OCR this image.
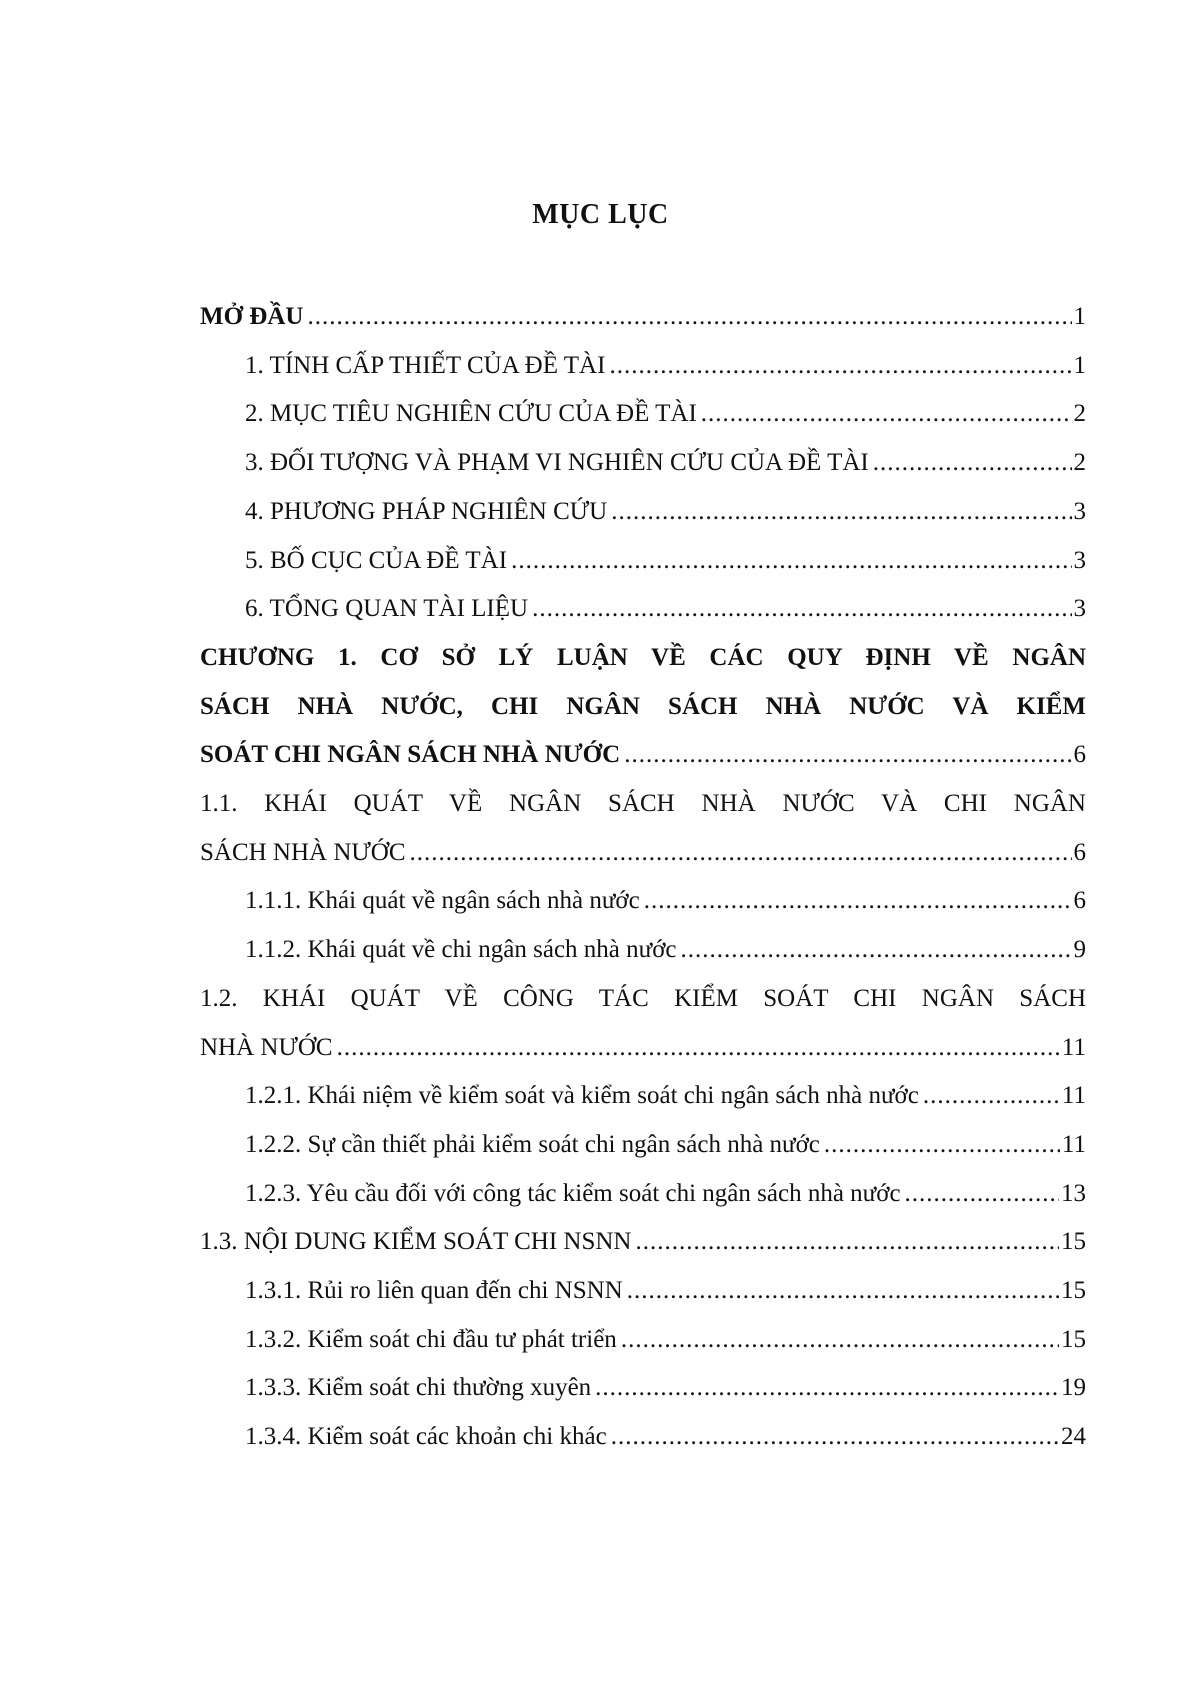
MỤC LỤC
MỞ ĐẦU .....	1
1. TÍNH CẤP THIẾT CỦA ĐỀ TÀI .....	1
2. MỤC TIÊU NGHIÊN CỨU CỦA ĐỀ TÀI .....	2
3. ĐỐI TƯỢNG VÀ PHẠM VI NGHIÊN CỨU CỦA ĐỀ TÀI .....	2
4. PHƯƠNG PHÁP NGHIÊN CỨU .....	3
5. BỐ CỤC CỦA ĐỀ TÀI .....	3
6. TỔNG QUAN TÀI LIỆU .....	3
CHƯƠNG 1. CƠ SỞ LÝ LUẬN VỀ CÁC QUY ĐỊNH VỀ NGÂN
SÁCH NHÀ NƯỚC, CHI NGÂN SÁCH NHÀ NƯỚC VÀ KIỂM
SOÁT CHI NGÂN SÁCH NHÀ NƯỚC .....	6
1.1. KHÁI QUÁT VỀ NGÂN SÁCH NHÀ NƯỚC VÀ CHI NGÂN
SÁCH NHÀ NƯỚC .....	6
1.1.1. Khái quát về ngân sách nhà nước .....	6
1.1.2. Khái quát về chi ngân sách nhà nước .....	9
1.2. KHÁI QUÁT VỀ CÔNG TÁC KIỂM SOÁT CHI NGÂN SÁCH
NHÀ NƯỚC .....	11
1.2.1. Khái niệm về kiểm soát và kiểm soát chi ngân sách nhà nước .....	11
1.2.2. Sự cần thiết phải kiểm soát chi ngân sách nhà nước .....	11
1.2.3. Yêu cầu đối với công tác kiểm soát chi ngân sách nhà nước .....	13
1.3. NỘI DUNG KIỂM SOÁT CHI NSNN .....	15
1.3.1. Rủi ro liên quan đến chi NSNN .....	15
1.3.2. Kiểm soát chi đầu tư phát triển .....	15
1.3.3. Kiểm soát chi thường xuyên .....	19
1.3.4. Kiểm soát các khoản chi khác .....	24
